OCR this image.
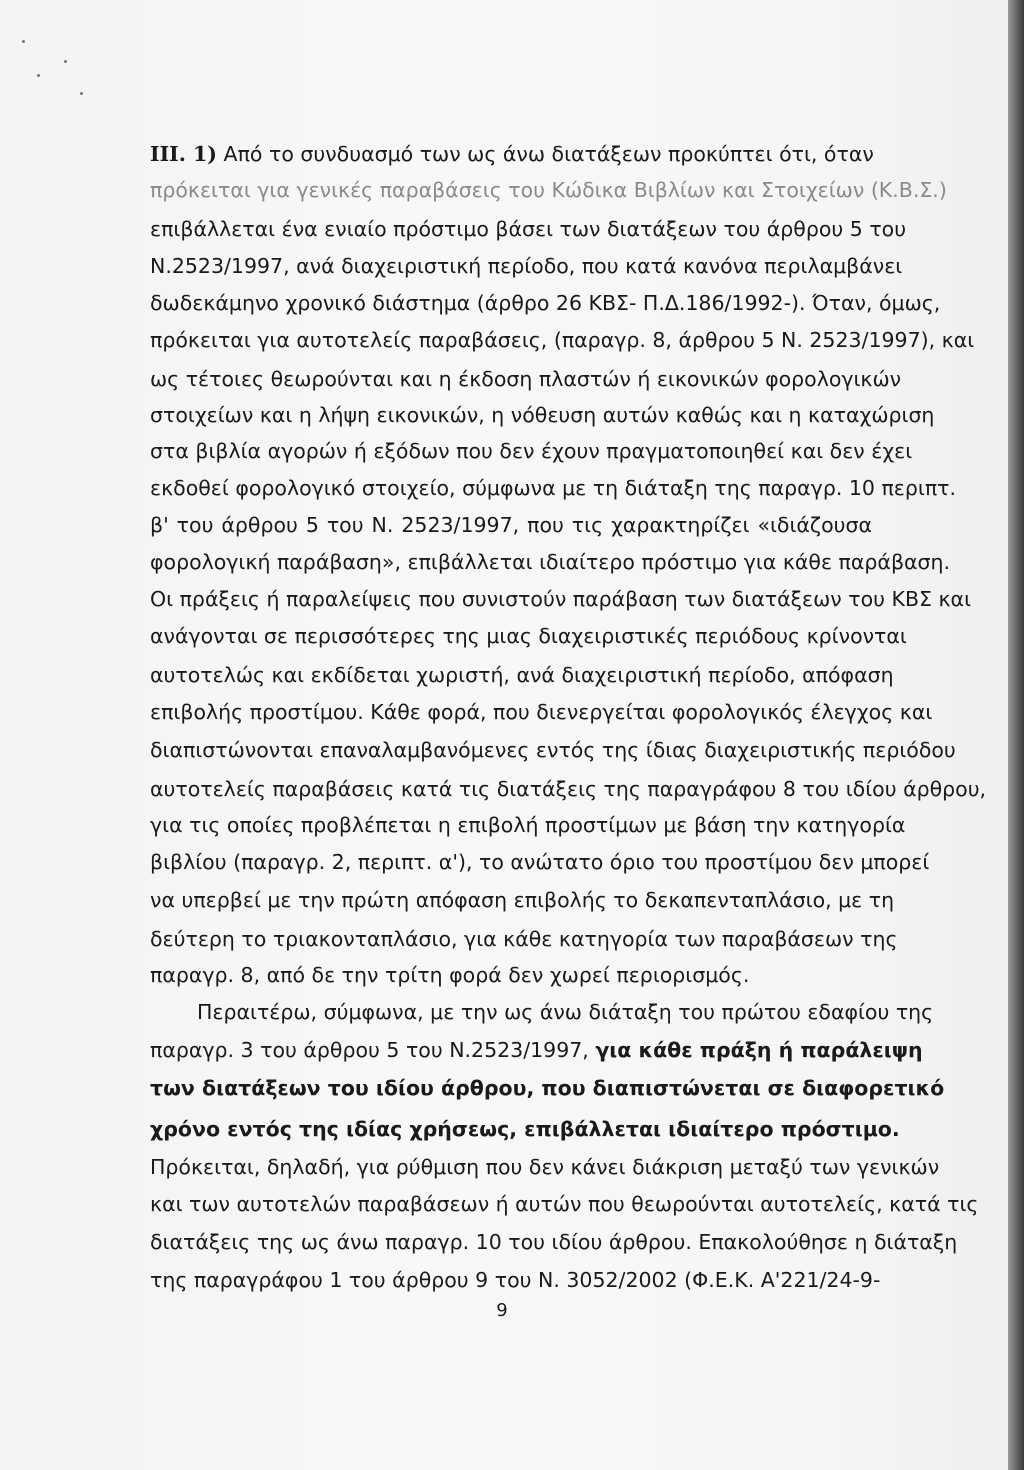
III. 1) Από το συνδυασμό των ως άνω διατάξεων προκύπτει ότι, όταν
πρόκειται για γενικές παραβάσεις του Κώδικα Βιβλίων και Στοιχείων (Κ.Β.Σ.)
επιβάλλεται ένα ενιαίο πρόστιμο βάσει των διατάξεων του άρθρου 5 του
Ν.2523/1997, ανά διαχειριστική περίοδο, που κατά κανόνα περιλαμβάνει
δωδεκάμηνο χρονικό διάστημα (άρθρο 26 ΚΒΣ- Π.Δ.186/1992-). Όταν, όμως,
πρόκειται για αυτοτελείς παραβάσεις, (παραγρ. 8, άρθρου 5 Ν. 2523/1997), και
ως τέτοιες θεωρούνται και η έκδοση πλαστών ή εικονικών φορολογικών
στοιχείων και η λήψη εικονικών, η νόθευση αυτών καθώς και η καταχώριση
στα βιβλία αγορών ή εξόδων που δεν έχουν πραγματοποιηθεί και δεν έχει
εκδοθεί φορολογικό στοιχείο, σύμφωνα με τη διάταξη της παραγρ. 10 περιπτ.
β' του άρθρου 5 του Ν. 2523/1997, που τις χαρακτηρίζει «ιδιάζουσα
φορολογική παράβαση», επιβάλλεται ιδιαίτερο πρόστιμο για κάθε παράβαση.
Οι πράξεις ή παραλείψεις που συνιστούν παράβαση των διατάξεων του ΚΒΣ και
ανάγονται σε περισσότερες της μιας διαχειριστικές περιόδους κρίνονται
αυτοτελώς και εκδίδεται χωριστή, ανά διαχειριστική περίοδο, απόφαση
επιβολής προστίμου. Κάθε φορά, που διενεργείται φορολογικός έλεγχος και
διαπιστώνονται επαναλαμβανόμενες εντός της ίδιας διαχειριστικής περιόδου
αυτοτελείς παραβάσεις κατά τις διατάξεις της παραγράφου 8 του ιδίου άρθρου,
για τις οποίες προβλέπεται η επιβολή προστίμων με βάση την κατηγορία
βιβλίου (παραγρ. 2, περιπτ. α'), το ανώτατο όριο του προστίμου δεν μπορεί
να υπερβεί με την πρώτη απόφαση επιβολής το δεκαπενταπλάσιο, με τη
δεύτερη το τριακονταπλάσιο, για κάθε κατηγορία των παραβάσεων της
παραγρ. 8, από δε την τρίτη φορά δεν χωρεί περιορισμός.
Περαιτέρω, σύμφωνα, με την ως άνω διάταξη του πρώτου εδαφίου της
παραγρ. 3 του άρθρου 5 του Ν.2523/1997, για κάθε πράξη ή παράλειψη
των διατάξεων του ιδίου άρθρου, που διαπιστώνεται σε διαφορετικό
χρόνο εντός της ιδίας χρήσεως, επιβάλλεται ιδιαίτερο πρόστιμο.
Πρόκειται, δηλαδή, για ρύθμιση που δεν κάνει διάκριση μεταξύ των γενικών
και των αυτοτελών παραβάσεων ή αυτών που θεωρούνται αυτοτελείς, κατά τις
διατάξεις της ως άνω παραγρ. 10 του ιδίου άρθρου. Επακολούθησε η διάταξη
της παραγράφου 1 του άρθρου 9 του Ν. 3052/2002 (Φ.Ε.Κ. Α'221/24-9-
9
